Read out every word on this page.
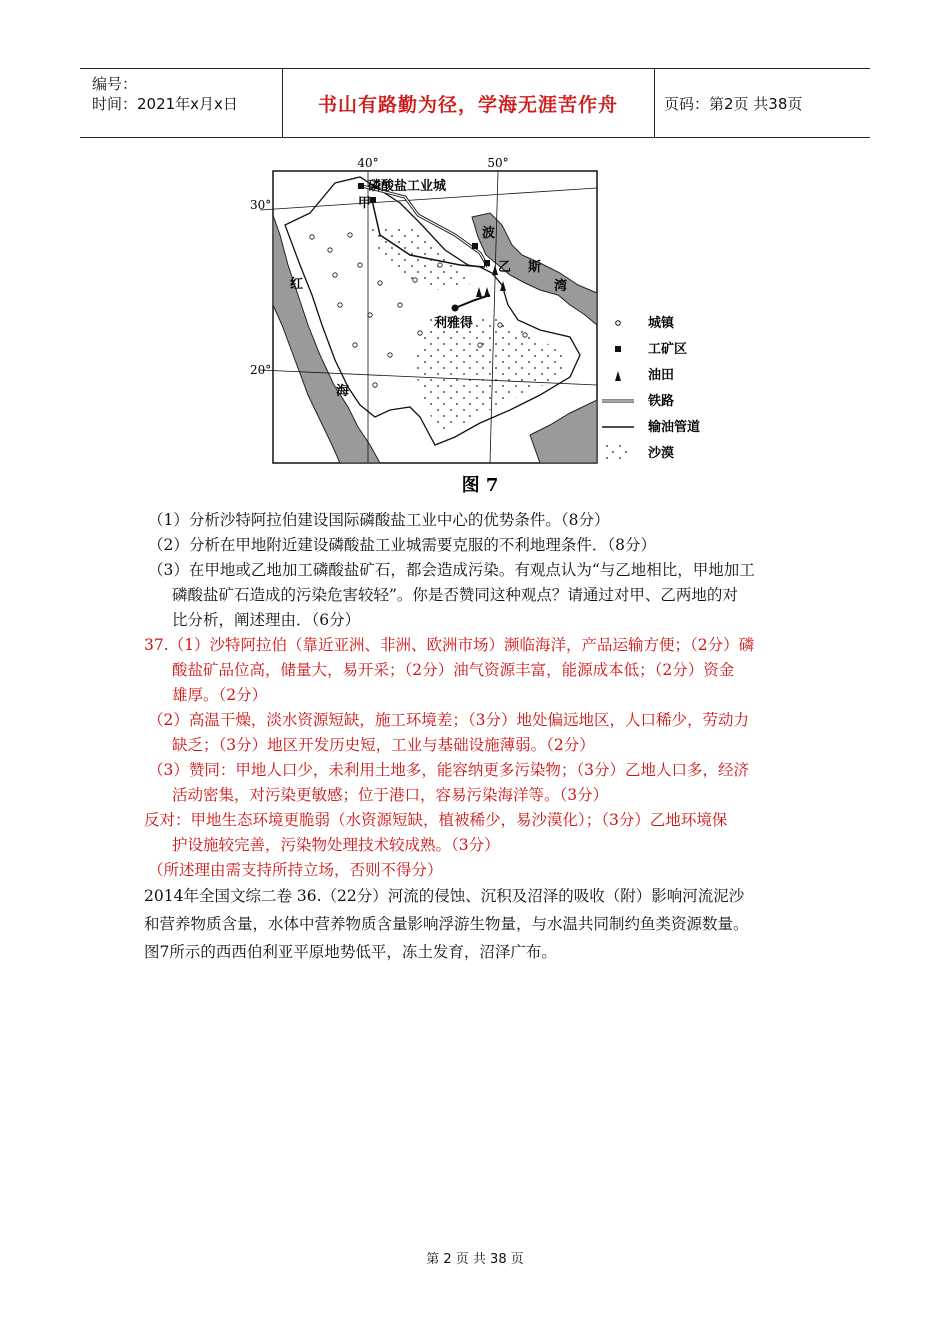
编号：
时间：2021年x月x日	书山有路勤为径，学海无涯苦作舟	页码：第2页 共38页
40°	50°
30°
20°
磷酸盐工业城
甲
乙
利雅得
波
斯
湾
红
海
城镇
工矿区
油田
铁路
输油管道
沙漠
图 7
（1）分析沙特阿拉伯建设国际磷酸盐工业中心的优势条件。（8分）
（2）分析在甲地附近建设磷酸盐工业城需要克服的不利地理条件．（8分）
（3）在甲地或乙地加工磷酸盐矿石，都会造成污染。有观点认为“与乙地相比，甲地加工
磷酸盐矿石造成的污染危害较轻”。你是否赞同这种观点？请通过对甲、乙两地的对
比分析，阐述理由．（6分）
37.（1）沙特阿拉伯（靠近亚洲、非洲、欧洲市场）濒临海洋，产品运输方便；（2分）磷
酸盐矿品位高，储量大，易开采；（2分）油气资源丰富，能源成本低；（2分）资金
雄厚。（2分）
（2）高温干燥，淡水资源短缺，施工环境差；（3分）地处偏远地区，人口稀少，劳动力
缺乏；（3分）地区开发历史短，工业与基础设施薄弱。（2分）
（3）赞同：甲地人口少，未利用土地多，能容纳更多污染物；（3分）乙地人口多，经济
活动密集，对污染更敏感；位于港口，容易污染海洋等。（3分）
反对：甲地生态环境更脆弱（水资源短缺，植被稀少，易沙漠化）；（3分）乙地环境保
护设施较完善，污染物处理技术较成熟。（3分）
（所述理由需支持所持立场，否则不得分）
2014年全国文综二卷 36.（22分）河流的侵蚀、沉积及沼泽的吸收（附）影响河流泥沙
和营养物质含量，水体中营养物质含量影响浮游生物量，与水温共同制约鱼类资源数量。
图7所示的西西伯利亚平原地势低平，冻土发育，沼泽广布。
第 2 页 共 38 页
